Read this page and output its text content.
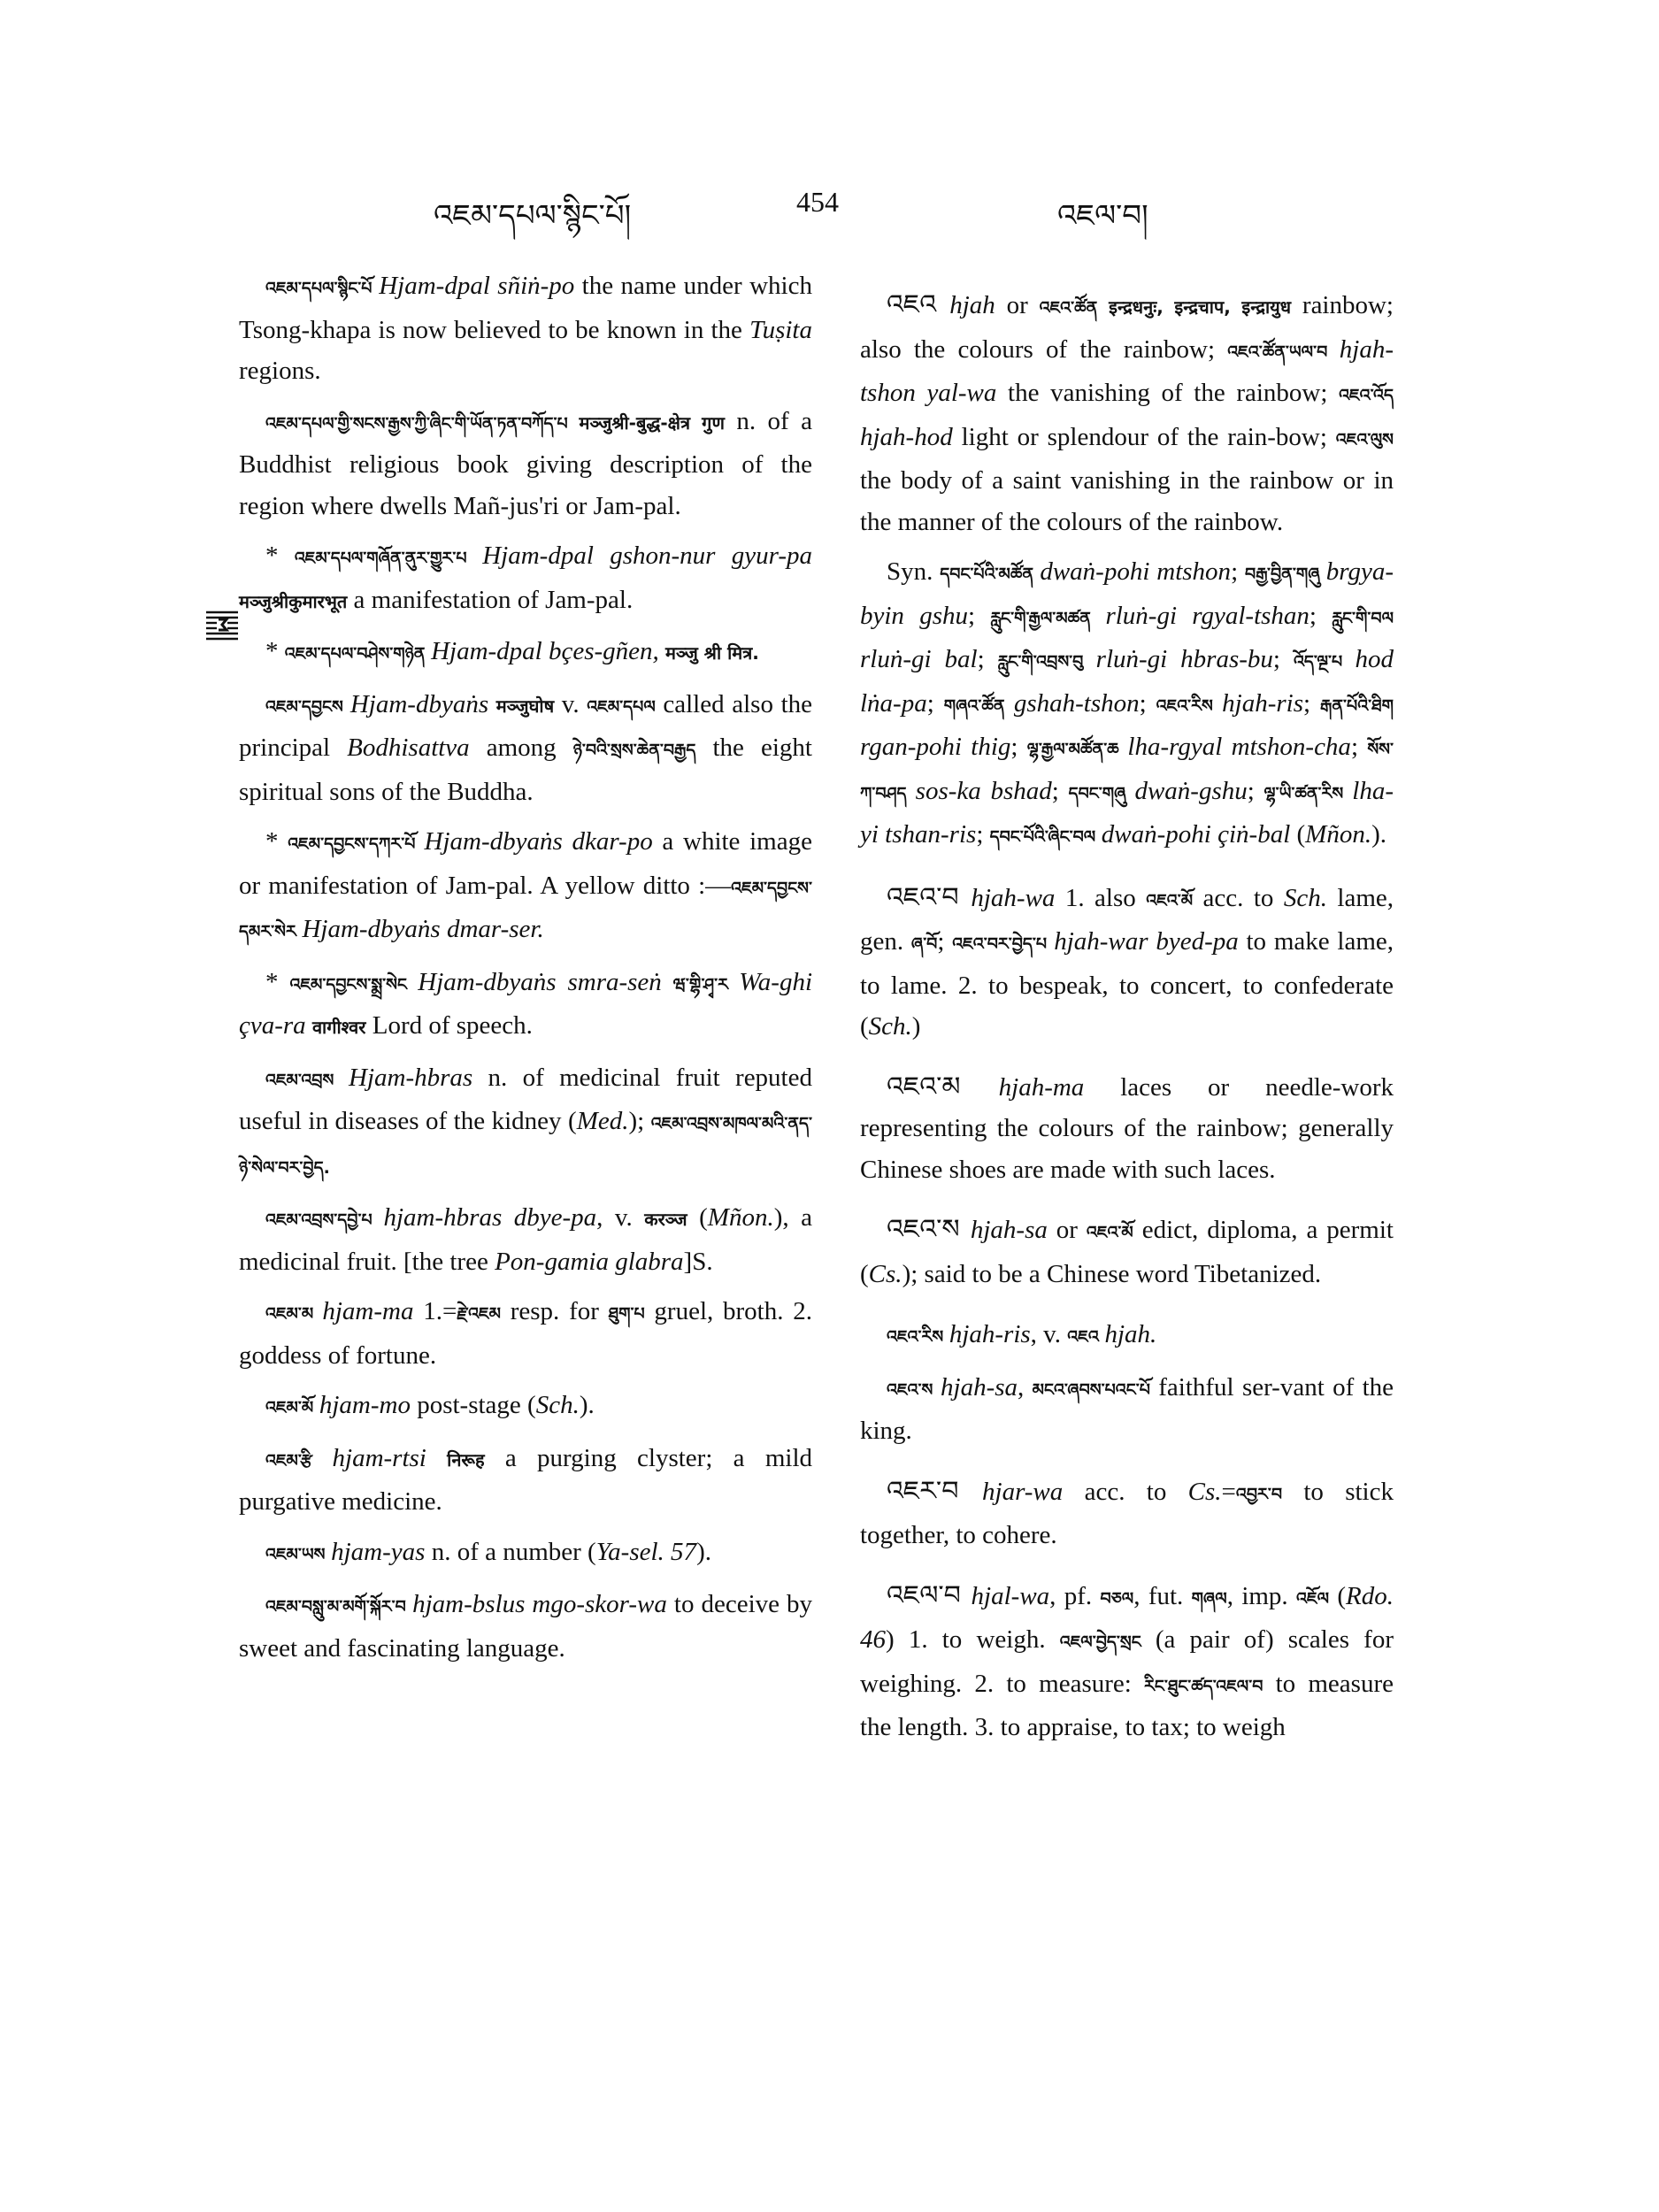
འཇམ་དཔལ་སྙིང་པོ།	454	འཇལ་བ།

འཇམ་དཔལ་སྙིང་པོ Hjam-dpal sñiṅ-po the name under which Tsong-khapa is now believed to be known in the Tuṣita regions.

འཇམ་དཔལ་གྱི་སངས་རྒྱས་ཀྱི་ཞིང་གི་ཡོན་ཏན་བཀོད་པ मञ्जुश्री-बुद्ध-क्षेत्र गुण n. of a Buddhist religious book giving description of the region where dwells Mañ-jus'ri or Jam-pal.

* འཇམ་དཔལ་གཞོན་ནུར་གྱུར་པ Hjam-dpal gshon-nur gyur-pa मञ्जुश्रीकुमारभूत a manifestation of Jam-pal.

* འཇམ་དཔལ་བཤེས་གཉེན Hjam-dpal bçes-gñen, मञ्जु श्री मित्र.

འཇམ་དབྱངས Hjam-dbyaṅs मञ्जुघोष v. འཇམ་དཔལ called also the principal Bodhisattva among ཉེ་བའི་སྲས་ཆེན་བརྒྱད the eight spiritual sons of the Buddha.

* འཇམ་དབྱངས་དཀར་པོ Hjam-dbyaṅs dkar-po a white image or manifestation of Jam-pal. A yellow ditto :—འཇམ་དབྱངས་དམར་སེར Hjam-dbyaṅs dmar-ser.

* འཇམ་དབྱངས་སྨྲ་སེང Hjam-dbyaṅs smra-seṅ ཝ་གྷི་ཤྭ་ར Wa-ghi çva-ra वागीश्वर Lord of speech.

འཇམ་འབྲས Hjam-hbras n. of medicinal fruit reputed useful in diseases of the kidney (Med.); འཇམ་འབྲས་མཁལ་མའི་ནད་ཉེ་སེལ་བར་བྱེད.

འཇམ་འབྲས་དབྱེ་པ hjam-hbras dbye-pa, v. करञ्ज (Mñon.), a medicinal fruit. [the tree Pon-gamia glabra]S.

འཇམ་མ hjam-ma 1.=རྗེ་འཇམ resp. for ཐུག་པ gruel, broth. 2. goddess of fortune.

འཇམ་མོ hjam-mo post-stage (Sch.).

འཇམ་རྩི hjam-rtsi निरूह a purging clyster; a mild purgative medicine.

འཇམ་ཡས hjam-yas n. of a number (Ya-sel. 57).

འཇམ་བསླུ་མ་མགོ་སྐོར་བ hjam-bslus mgo-skor-wa to deceive by sweet and fascinating language.

འཇའ hjah or འཇའ་ཚོན इन्द्रधनुः, इन्द्रचाप, इन्द्रायुध rainbow; also the colours of the rainbow; འཇའ་ཚོན་ཡལ་བ hjah-tshon yal-wa the vanishing of the rainbow; འཇའ་འོད hjah-hod light or splendour of the rain-bow; འཇའ་ལུས the body of a saint vanishing in the rainbow or in the manner of the colours of the rainbow.

Syn. དབང་པོའི་མཚོན dwaṅ-pohi mtshon; བརྒྱ་བྱིན་གཞུ brgya-byin gshu; རླུང་གི་རྒྱལ་མཚན rluṅ-gi rgyal-tshan; རླུང་གི་བལ rluṅ-gi bal; རླུང་གི་འབྲས་བུ rluṅ-gi hbras-bu; འོད་ལྔ་པ hod lṅa-pa; གཞའ་ཚོན gshah-tshon; འཇའ་རིས hjah-ris; རྒན་པོའི་ཐིག rgan-pohi thig; ལྷ་རྒྱལ་མཚོན་ཆ lha-rgyal mtshon-cha; སོས་ཀ་བཤད sos-ka bshad; དབང་གཞུ dwaṅ-gshu; ལྷ་ཡི་ཚན་རིས lha-yi tshan-ris; དབང་པོའི་ཞིང་བལ dwaṅ-pohi çiṅ-bal (Mñon.).

འཇའ་བ hjah-wa 1. also འཇའ་མོ acc. to Sch. lame, gen. ཞ་བོ; འཇའ་བར་བྱེད་པ hjah-war byed-pa to make lame, to lame. 2. to bespeak, to concert, to confederate (Sch.)

འཇའ་མ hjah-ma laces or needle-work representing the colours of the rainbow; generally Chinese shoes are made with such laces.

འཇའ་ས hjah-sa or འཇའ་མོ edict, diploma, a permit (Cs.); said to be a Chinese word Tibetanized.

འཇའ་རིས hjah-ris, v. འཇའ hjah.

འཇའ་ས hjah-sa, མངའ་ཞབས་པའང་པོ faithful ser-vant of the king.

འཇར་བ hjar-wa acc. to Cs.=འབྱར་བ to stick together, to cohere.

འཇལ་བ hjal-wa, pf. བཅལ, fut. གཞལ, imp. འཇོལ (Rdo. 46) 1. to weigh. འཇལ་བྱེད་སྲང (a pair of) scales for weighing. 2. to measure: རིང་ཐུང་ཚད་འཇལ་བ to measure the length. 3. to appraise, to tax; to weigh
